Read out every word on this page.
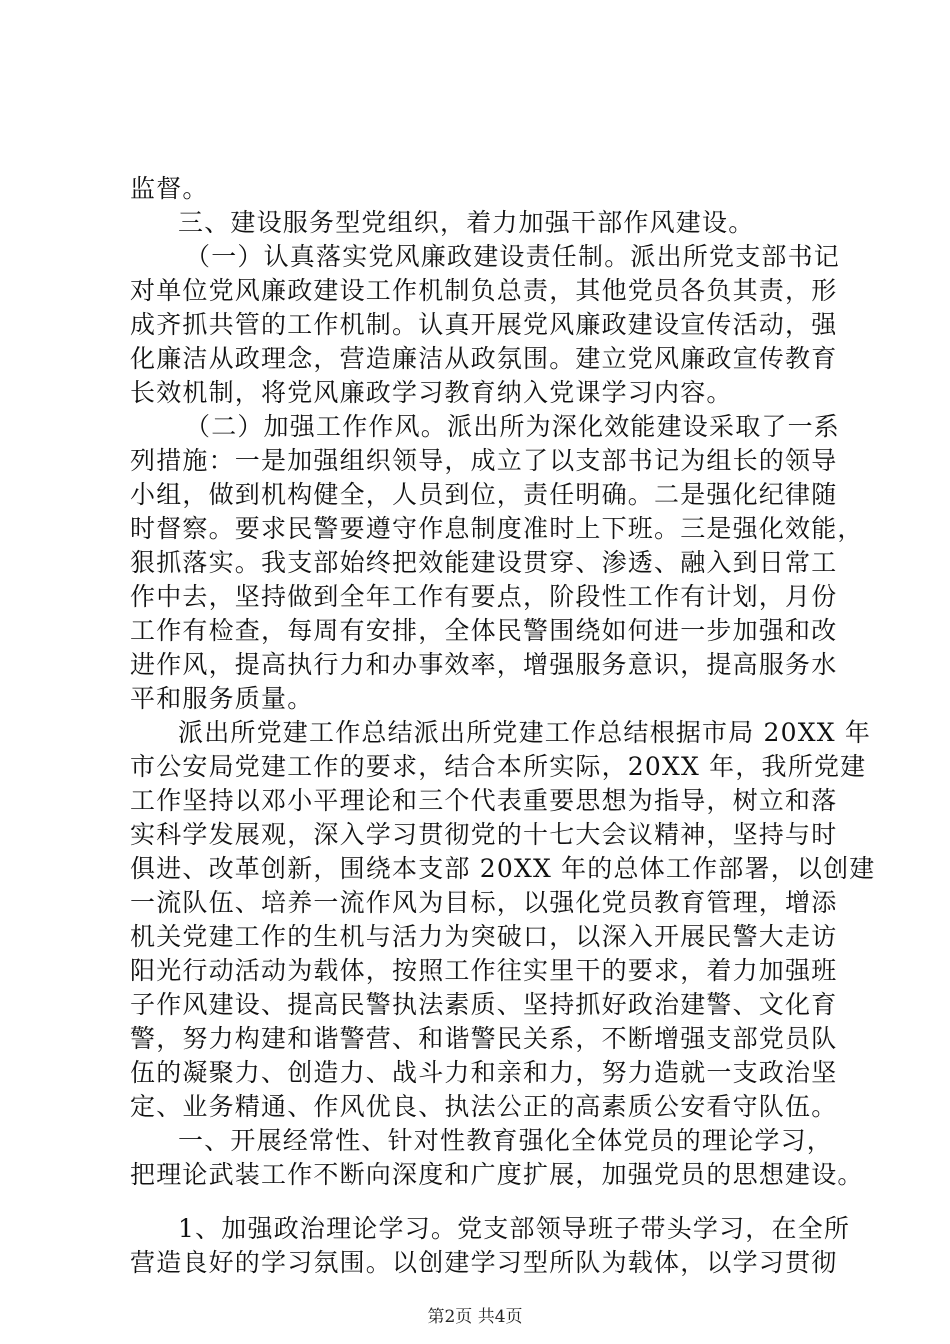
监督。
三、建设服务型党组织，着力加强干部作风建设。
（一）认真落实党风廉政建设责任制。派出所党支部书记
对单位党风廉政建设工作机制负总责，其他党员各负其责，形
成齐抓共管的工作机制。认真开展党风廉政建设宣传活动，强
化廉洁从政理念，营造廉洁从政氛围。建立党风廉政宣传教育
长效机制，将党风廉政学习教育纳入党课学习内容。
（二）加强工作作风。派出所为深化效能建设采取了一系
列措施：一是加强组织领导，成立了以支部书记为组长的领导
小组，做到机构健全，人员到位，责任明确。二是强化纪律随
时督察。要求民警要遵守作息制度准时上下班。三是强化效能，
狠抓落实。我支部始终把效能建设贯穿、渗透、融入到日常工
作中去，坚持做到全年工作有要点，阶段性工作有计划，月份
工作有检查，每周有安排，全体民警围绕如何进一步加强和改
进作风，提高执行力和办事效率，增强服务意识，提高服务水
平和服务质量。
派出所党建工作总结派出所党建工作总结根据市局 20XX 年
市公安局党建工作的要求，结合本所实际，20XX 年，我所党建
工作坚持以邓小平理论和三个代表重要思想为指导，树立和落
实科学发展观，深入学习贯彻党的十七大会议精神，坚持与时
俱进、改革创新，围绕本支部 20XX 年的总体工作部署，以创建
一流队伍、培养一流作风为目标，以强化党员教育管理，增添
机关党建工作的生机与活力为突破口，以深入开展民警大走访
阳光行动活动为载体，按照工作往实里干的要求，着力加强班
子作风建设、提高民警执法素质、坚持抓好政治建警、文化育
警，努力构建和谐警营、和谐警民关系，不断增强支部党员队
伍的凝聚力、创造力、战斗力和亲和力，努力造就一支政治坚
定、业务精通、作风优良、执法公正的高素质公安看守队伍。
一、开展经常性、针对性教育强化全体党员的理论学习，
把理论武装工作不断向深度和广度扩展，加强党员的思想建设。
1、加强政治理论学习。党支部领导班子带头学习，在全所
营造良好的学习氛围。以创建学习型所队为载体，以学习贯彻
第2页 共4页
